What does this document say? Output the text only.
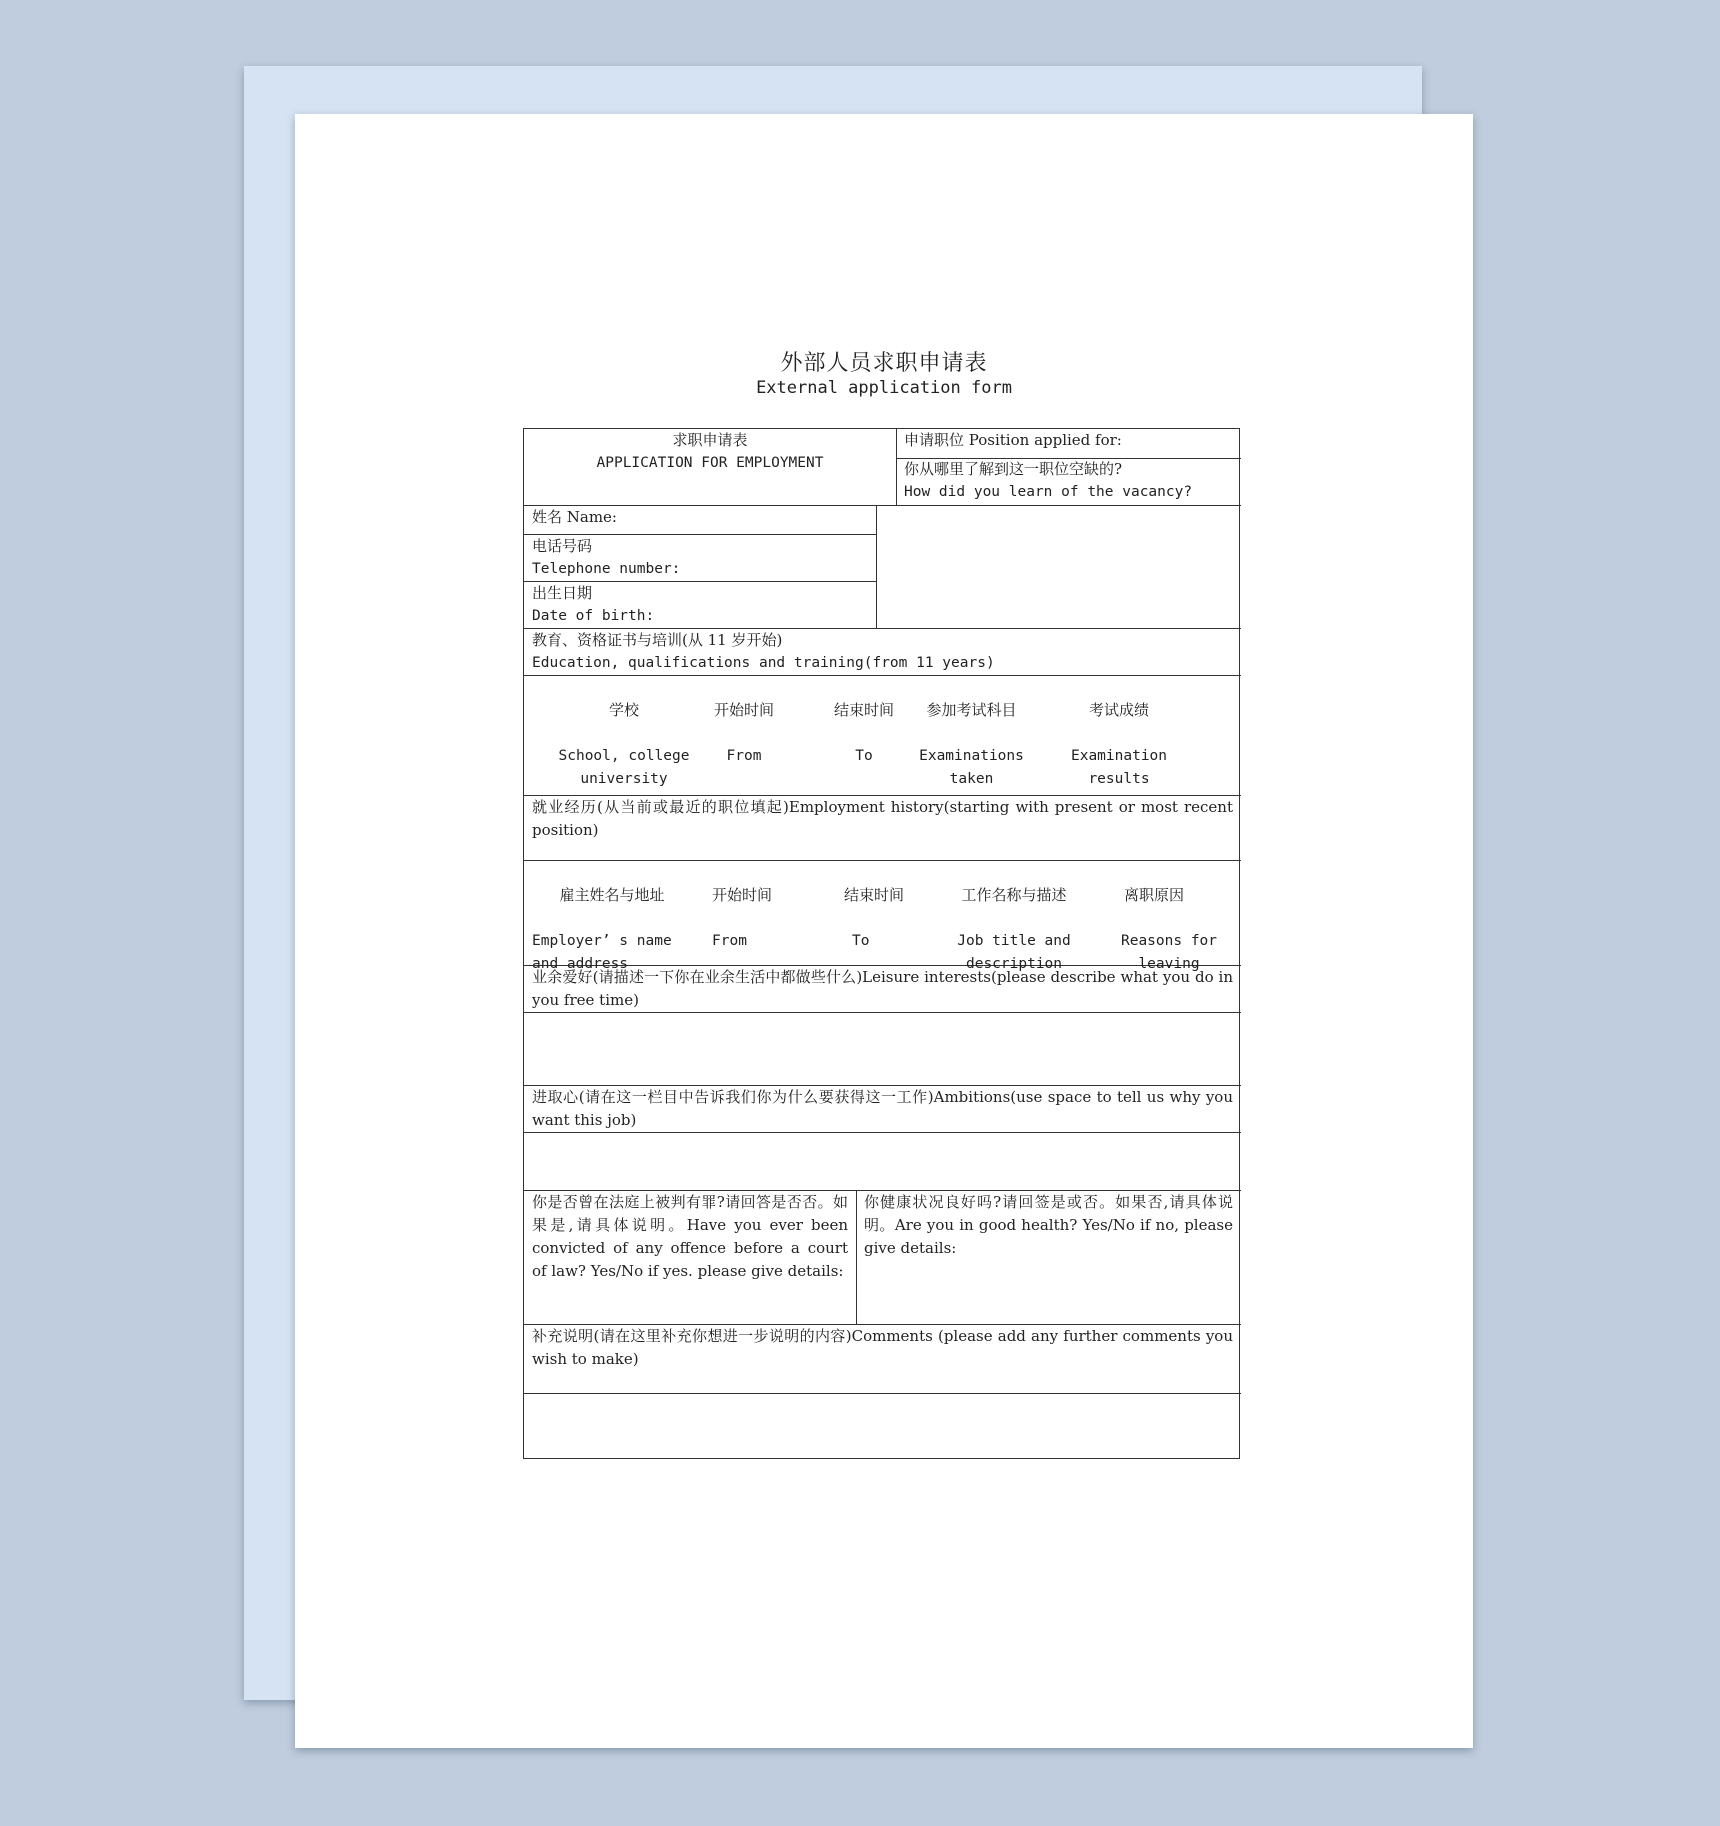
外部人员求职申请表
External application form
求职申请表
APPLICATION FOR EMPLOYMENT
申请职位 Position applied for:
你从哪里了解到这一职位空缺的?
How did you learn of the vacancy?
姓名 Name:
电话号码
Telephone number:
出生日期
Date of birth:
教育、资格证书与培训(从 11 岁开始)
Education, qualifications and training(from 11 years)

学校

School, college
university

开始时间

From

结束时间

To

参加考试科目

Examinations
taken

考试成绩

Examination
results

就业经历(从当前或最近的职位填起)Employment history(starting with present or most recent position)

雇主姓名与地址

Employer’ s name
and address

开始时间

From

结束时间

To

工作名称与描述

Job title and
description

离职原因

Reasons for
leaving

业余爱好(请描述一下你在业余生活中都做些什么)Leisure interests(please describe what you do in you free time)
进取心(请在这一栏目中告诉我们你为什么要获得这一工作)Ambitions(use space to tell us why you want this job)
你是否曾在法庭上被判有罪?请回答是否否。如果是,请具体说明。Have you ever been convicted of any offence before a court of law? Yes/No if yes. please give details:
你健康状况良好吗?请回签是或否。如果否,请具体说明。Are you in good health? Yes/No if no, please give details:
补充说明(请在这里补充你想进一步说明的内容)Comments (please add any further comments you wish to make)
